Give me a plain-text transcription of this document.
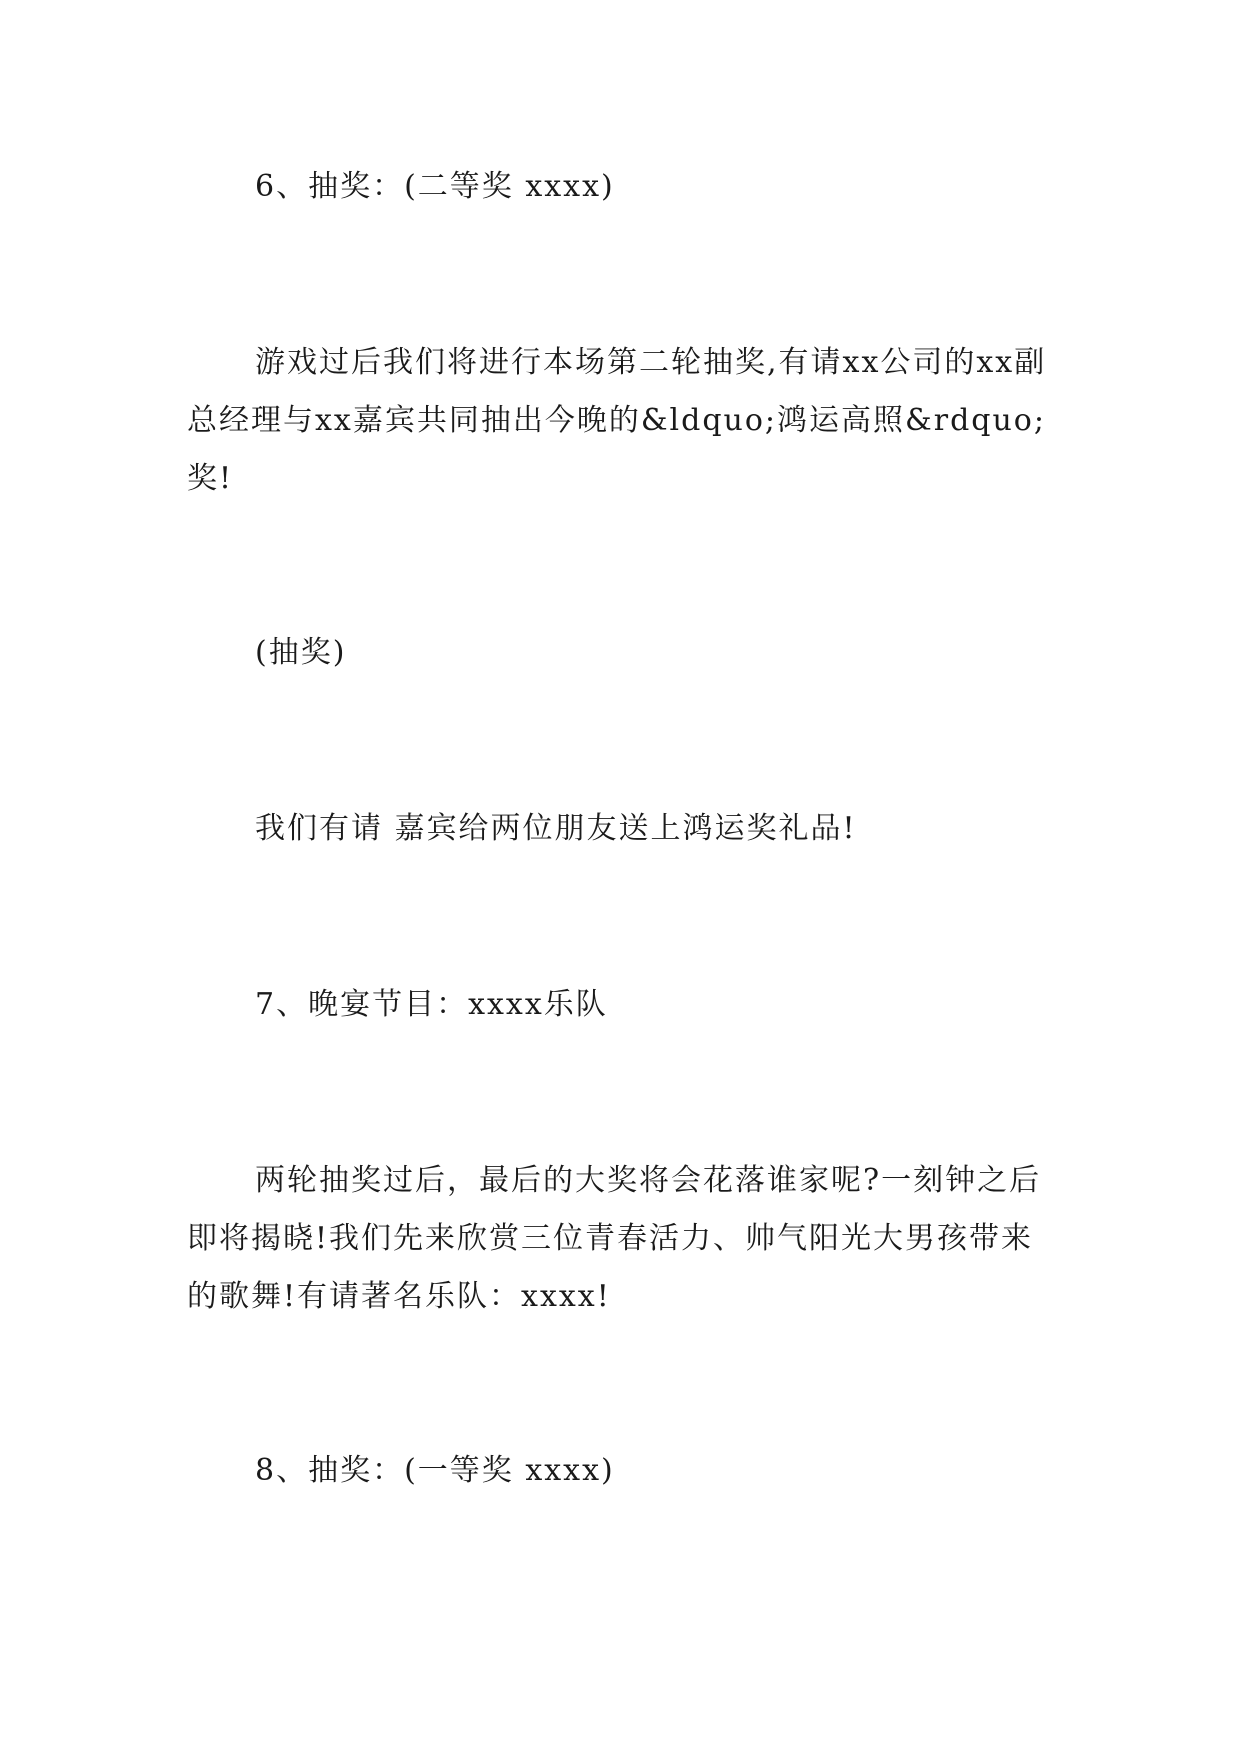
6、抽奖：(二等奖 xxxx)
游戏过后我们将进行本场第二轮抽奖,有请xx公司的xx副总经理与xx嘉宾共同抽出今晚的&ldquo;鸿运高照&rdquo;奖!
(抽奖)
我们有请 嘉宾给两位朋友送上鸿运奖礼品!
7、晚宴节目：xxxx乐队
两轮抽奖过后，最后的大奖将会花落谁家呢?一刻钟之后即将揭晓!我们先来欣赏三位青春活力、帅气阳光大男孩带来的歌舞!有请著名乐队：xxxx!
8、抽奖：(一等奖 xxxx)
